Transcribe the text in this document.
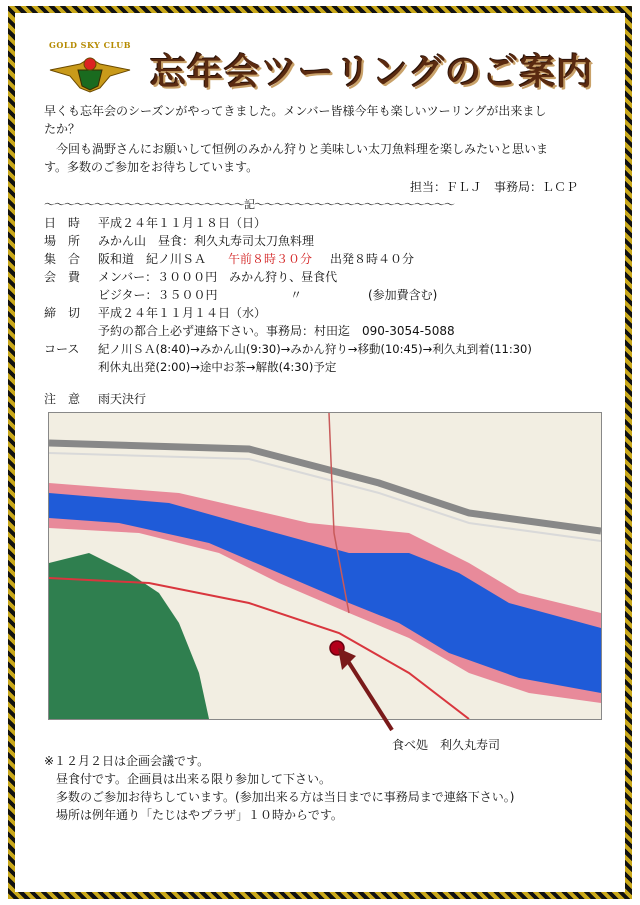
GOLD SKY CLUB
忘年会ツーリングのご案内
早くも忘年会のシーズンがやってきました。メンバー皆様今年も楽しいツーリングが出来まし
たか？
今回も渦野さんにお願いして恒例のみかん狩りと美味しい太刀魚料理を楽しみたいと思いま
す。多数のご参加をお待ちしています。
担当：ＦＬＪ　事務局：ＬＣＰ
〜〜〜〜〜〜〜〜〜〜〜〜〜〜〜〜〜〜〜〜記〜〜〜〜〜〜〜〜〜〜〜〜〜〜〜〜〜〜〜〜
日　時 平成２４年１１月１８日（日）
場　所 みかん山　昼食：利久丸寿司太刀魚料理
集　合 阪和道　紀ノ川ＳＡ 午前８時３０分 出発８時４０分
会　費 メンバー：３０００円　みかん狩り、昼食代
ビジター：３５００円	〃	(参加費含む)
締　切 平成２４年１１月１４日（水）
予約の都合上必ず連絡下さい。事務局：村田迄　090-3054-5088
コース 紀ノ川ＳＡ(8:40)→みかん山(9:30)→みかん狩り→移動(10:45)→利久丸到着(11:30)
利休丸出発(2:00)→途中お茶→解散(4:30)予定
注　意 雨天決行
食べ処　利久丸寿司
※１２月２日は企画会議です。
昼食付です。企画員は出来る限り参加して下さい。
多数のご参加お待ちしています。(参加出来る方は当日までに事務局まで連絡下さい。)
場所は例年通り「たじはやプラザ」１０時からです。
